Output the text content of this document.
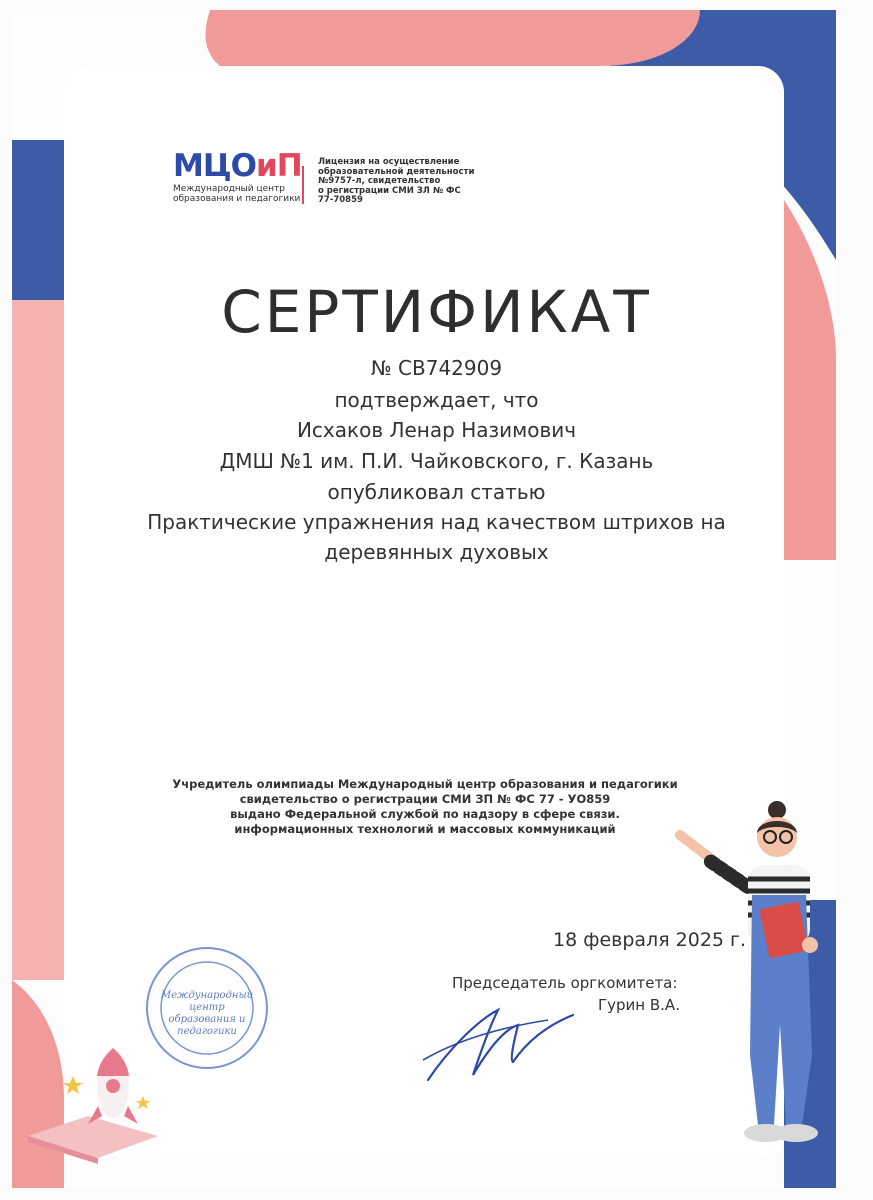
МЦОиП
Международный центр
образования и педагогики
Лицензия на осуществление
образовательной деятельности
№9757-л, свидетельство
о регистрации СМИ ЗЛ № ФС
77-70859
СЕРТИФИКАТ
№ СВ742909
подтверждает, что
Исхаков Ленар Назимович
ДМШ №1 им. П.И. Чайковского, г. Казань
опубликовал статью
Практические упражнения над качеством штрихов на
деревянных духовых
Учредитель олимпиады Международный центр образования и педагогики
свидетельство о регистрации СМИ ЗП № ФС 77 - УО859
выдано Федеральной службой по надзору в сфере связи.
информационных технологий и массовых коммуникаций
18 февраля 2025 г.
Председатель оргкомитета:
Гурин В.А.
Международный
центр
образования и
педагогики
